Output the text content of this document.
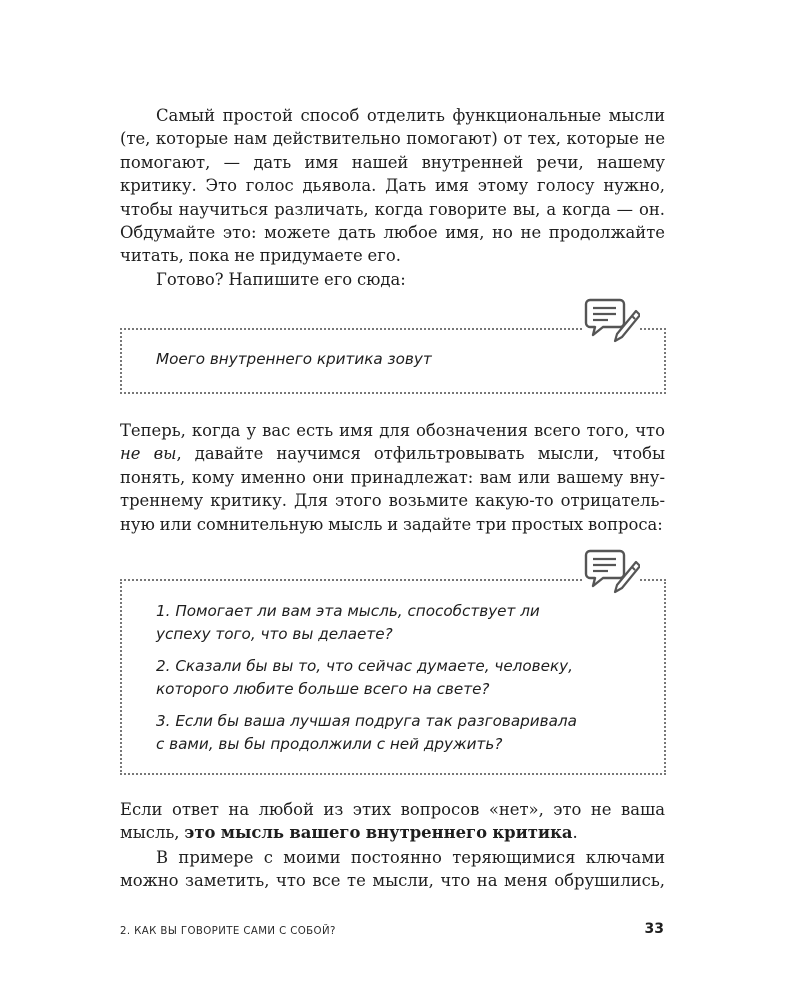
Самый простой способ отделить функциональные мысли (те, которые нам действительно помогают) от тех, которые не помогают, — дать имя нашей внутренней речи, нашему критику. Это голос дьявола. Дать имя этому голосу нужно, чтобы научиться различать, когда говорите вы, а когда — он. Обдумайте это: можете дать любое имя, но не продолжайте читать, пока не придумаете его.
Готово? Напишите его сюда:

Моего внутреннего критика зовут

Теперь, когда у вас есть имя для обозначения всего того, что не вы, давайте научимся отфильтровывать мысли, чтобы понять, кому именно они принадлежат: вам или вашему вну- треннему критику. Для этого возьмите какую-то отрицатель- ную или сомнительную мысль и задайте три простых вопроса:

1. Помогает ли вам эта мысль, способствует ли
успеху того, что вы делаете?

2. Сказали бы вы то, что сейчас думаете, человеку,
которого любите больше всего на свете?

3. Если бы ваша лучшая подруга так разговаривала
с вами, вы бы продолжили с ней дружить?

Если ответ на любой из этих вопросов «нет», это не ваша мысль, это мысль вашего внутреннего критика.
В примере с моими постоянно теряющимися ключами можно заметить, что все те мысли, что на меня обрушились,

2. КАК ВЫ ГОВОРИТЕ САМИ С СОБОЙ?	33
